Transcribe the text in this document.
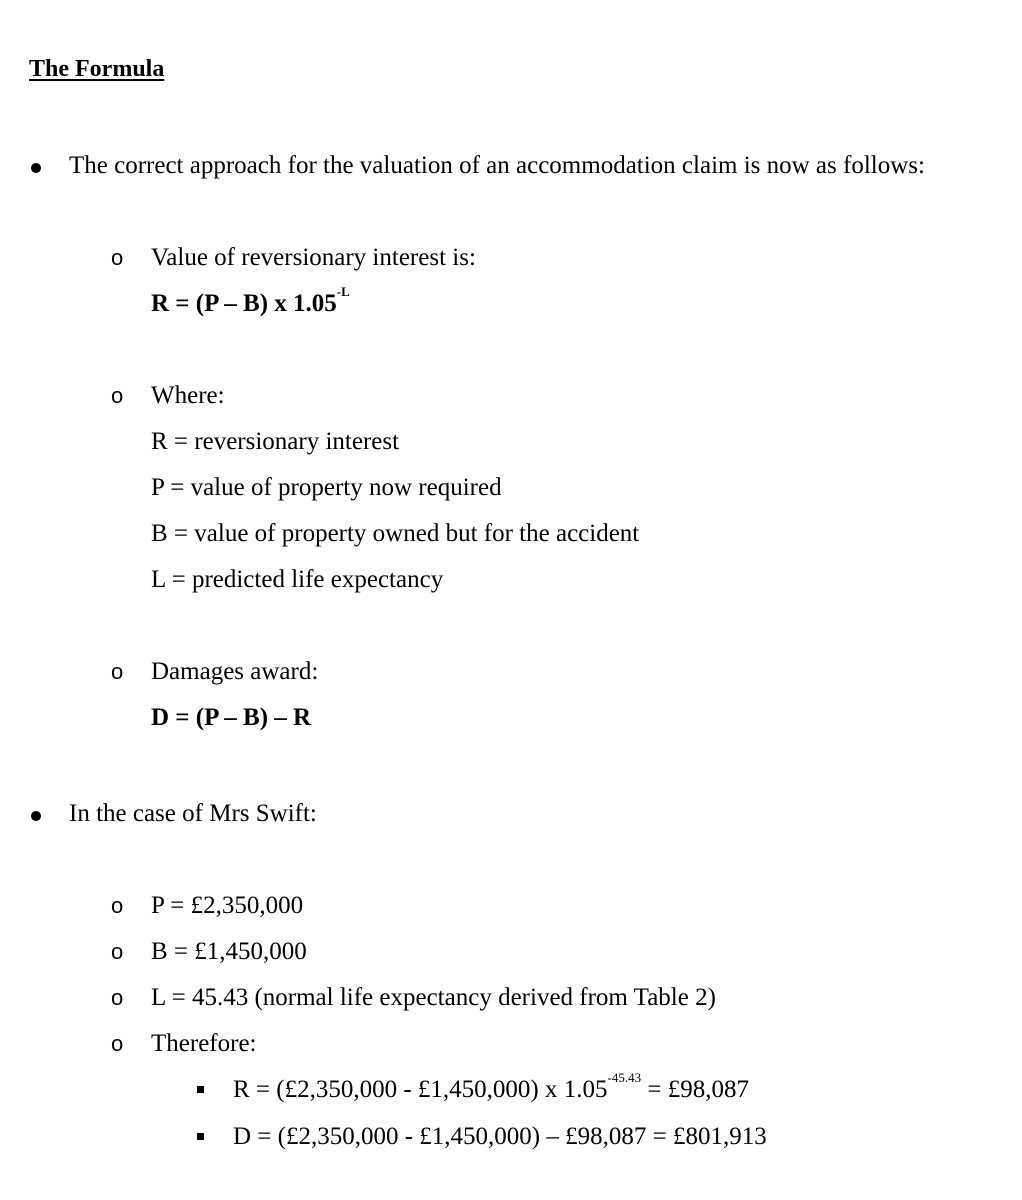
The Formula
The correct approach for the valuation of an accommodation claim is now as follows:
o Value of reversionary interest is:
R = (P – B) x $1.05^{-L}$
o Where:
R = reversionary interest
P = value of property now required
B = value of property owned but for the accident
L = predicted life expectancy
o Damages award:
D = (P – B) – R
In the case of Mrs Swift:
o P = £2,350,000
o B = £1,450,000
o L = 45.43 (normal life expectancy derived from Table 2)
o Therefore:
R = (£2,350,000 - £1,450,000) x $1.05^{-45.43}$ = £98,087
D = (£2,350,000 - £1,450,000) – £98,087 = £801,913
